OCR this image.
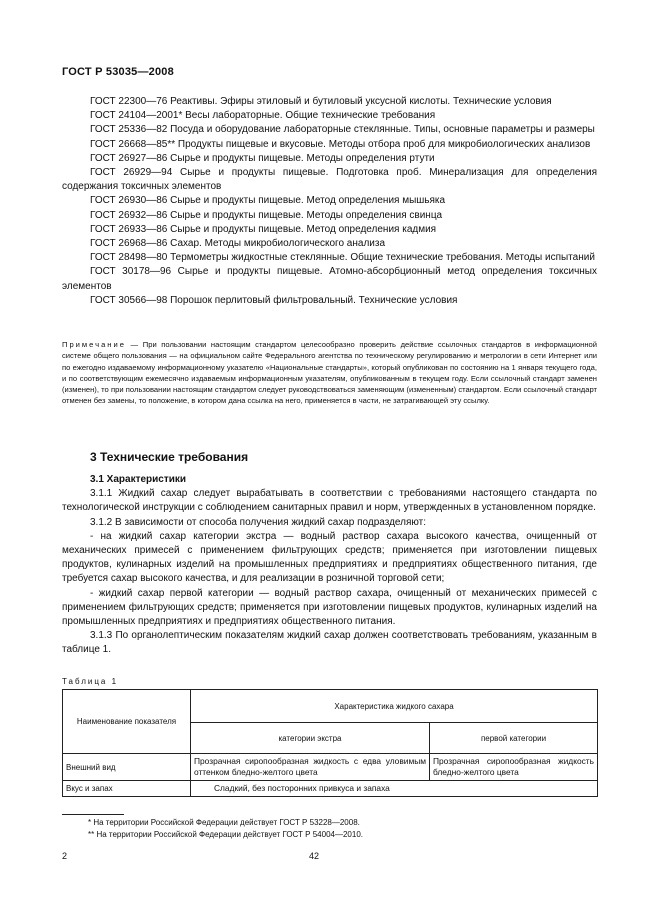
ГОСТ Р 53035—2008

ГОСТ 22300—76 Реактивы. Эфиры этиловый и бутиловый уксусной кислоты. Технические условия

ГОСТ 24104—2001* Весы лабораторные. Общие технические требования

ГОСТ 25336—82 Посуда и оборудование лабораторные стеклянные. Типы, основные параметры и размеры

ГОСТ 26668—85** Продукты пищевые и вкусовые. Методы отбора проб для микробиологических анализов

ГОСТ 26927—86 Сырье и продукты пищевые. Методы определения ртути

ГОСТ 26929—94 Сырье и продукты пищевые. Подготовка проб. Минерализация для определения содержания токсичных элементов

ГОСТ 26930—86 Сырье и продукты пищевые. Метод определения мышьяка

ГОСТ 26932—86 Сырье и продукты пищевые. Методы определения свинца

ГОСТ 26933—86 Сырье и продукты пищевые. Метод определения кадмия

ГОСТ 26968—86 Сахар. Методы микробиологического анализа

ГОСТ 28498—80 Термометры жидкостные стеклянные. Общие технические требования. Методы испытаний

ГОСТ 30178—96 Сырье и продукты пищевые. Атомно-абсорбционный метод определения токсичных элементов

ГОСТ 30566—98 Порошок перлитовый фильтровальный. Технические условия

Примечание — При пользовании настоящим стандартом целесообразно проверить действие ссылочных стандартов в информационной системе общего пользования — на официальном сайте Федерального агентства по техническому регулированию и метрологии в сети Интернет или по ежегодно издаваемому информационному указателю «Национальные стандарты», который опубликован по состоянию на 1 января текущего года, и по соответствующим ежемесячно издаваемым информационным указателям, опубликованным в текущем году. Если ссылочный стандарт заменен (изменен), то при пользовании настоящим стандартом следует руководствоваться заменяющим (измененным) стандартом. Если ссылочный стандарт отменен без замены, то положение, в котором дана ссылка на него, применяется в части, не затрагивающей эту ссылку.
3 Технические требования

3.1 Характеристики

3.1.1 Жидкий сахар следует вырабатывать в соответствии с требованиями настоящего стандарта по технологической инструкции с соблюдением санитарных правил и норм, утвержденных в установленном порядке.

3.1.2 В зависимости от способа получения жидкий сахар подразделяют:

- на жидкий сахар категории экстра — водный раствор сахара высокого качества, очищенный от механических примесей с применением фильтрующих средств; применяется при изготовлении пищевых продуктов, кулинарных изделий на промышленных предприятиях и предприятиях общественного питания, где требуется сахар высокого качества, и для реализации в розничной торговой сети;

- жидкий сахар первой категории — водный раствор сахара, очищенный от механических примесей с применением фильтрующих средств; применяется при изготовлении пищевых продуктов, кулинарных изделий на промышленных предприятиях и предприятиях общественного питания.

3.1.3 По органолептическим показателям жидкий сахар должен соответствовать требованиям, указанным в таблице 1.

Таблица 1
Наименование показателя	Характеристика жидкого сахара	
	категории экстра	первой категории
Внешний вид	Прозрачная сиропообразная жидкость с едва уловимым оттенком бледно-желтого цвета	Прозрачная сиропообразная жидкость бледно-желтого цвета
Вкус и запах	Сладкий, без посторонних привкуса и запаха	
* На территории Российской Федерации действует ГОСТ Р 53228—2008.
** На территории Российской Федерации действует ГОСТ Р 54004—2010.
2	42
